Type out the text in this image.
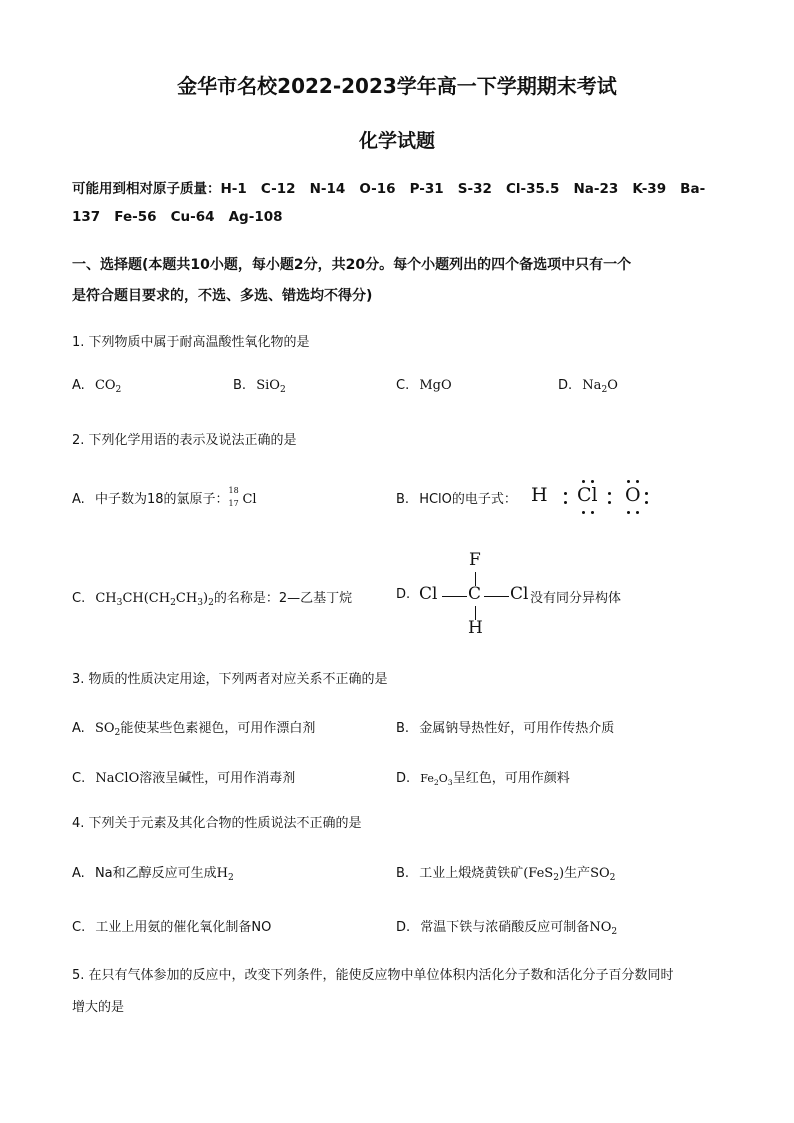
金华市名校2022-2023学年高一下学期期末考试
化学试题
可能用到相对原子质量：H-1   C-12   N-14   O-16   P-31   S-32   Cl-35.5   Na-23   K-39   Ba-
137   Fe-56   Cu-64   Ag-108
一、选择题(本题共10小题，每小题2分，共20分。每个小题列出的四个备选项中只有一个
是符合题目要求的，不选、多选、错选均不得分)
1. 下列物质中属于耐高温酸性氧化物的是
A. $CO_2$	B. SiO$_2$	C. MgO	D. $Na_2O$
2. 下列化学用语的表示及说法正确的是
A. 中子数为18的氯原子：
18
17 Cl	B. HClO的电子式： H Cl O
C. $CH_3CH(CH_2CH_3)_2$的名称是：2—乙基丁烷	D.
F
Cl C Cl
H
没有同分异构体
3. 物质的性质决定用途，下列两者对应关系不正确的是
A. $SO_2$能使某些色素褪色，可用作漂白剂	B. 金属钠导热性好，可用作传热介质
C. NaClO溶液呈碱性，可用作消毒剂	D. $Fe_2O_3$呈红色，可用作颜料
4. 下列关于元素及其化合物的性质说法不正确的是
A. Na和乙醇反应可生成$H_2$	B. 工业上煅烧黄铁矿(FeS$_2$)生产$SO_2$
C. 工业上用氨的催化氧化制备NO	D. 常温下铁与浓硝酸反应可制备$NO_2$
5. 在只有气体参加的反应中，改变下列条件，能使反应物中单位体积内活化分子数和活化分子百分数同时
增大的是
